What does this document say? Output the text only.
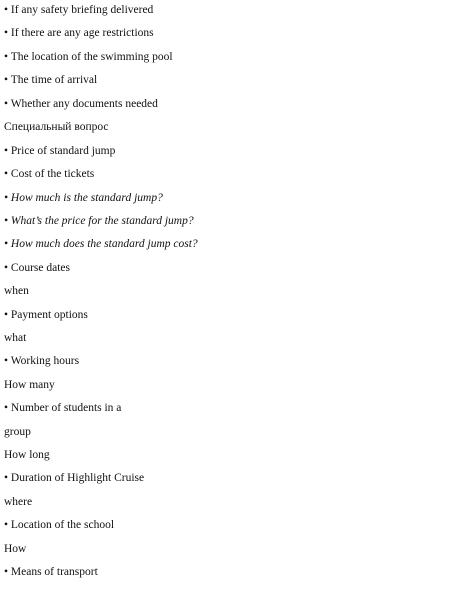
• If any safety briefing delivered
• If there are any age restrictions
• The location of the swimming pool
• The time of arrival
• Whether any documents needed
Специальный вопрос
• Price of standard jump
• Cost of the tickets
• How much is the standard jump?
• What’s the price for the standard jump?
• How much does the standard jump cost?
• Course dates
when
• Payment options
what
• Working hours
How many
• Number of students in a
group
How long
• Duration of Highlight Cruise
where
• Location of the school
How
• Means of transport
